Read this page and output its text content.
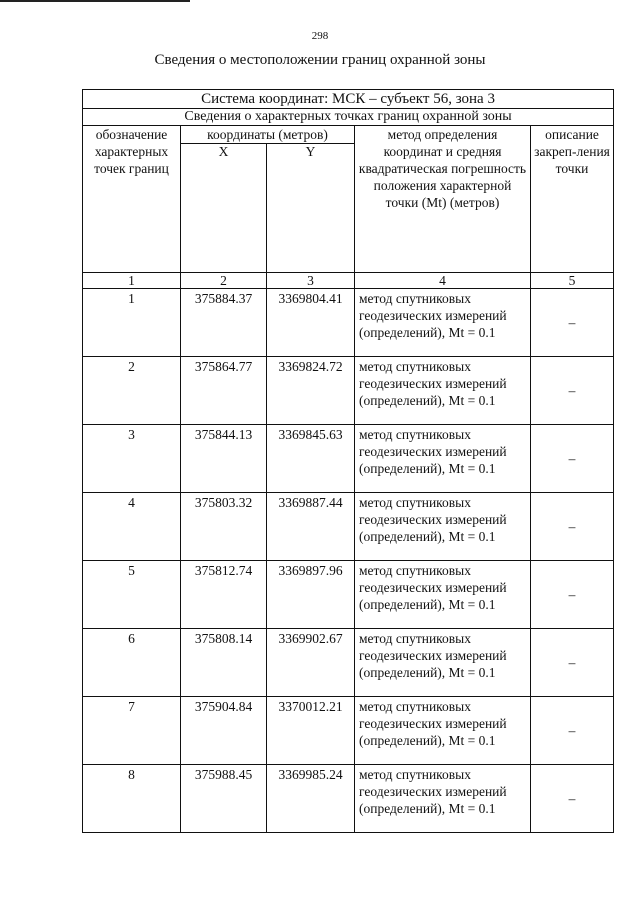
298
Сведения о местоположении границ охранной зоны
Система координат: МСК – субъект 56, зона 3				
Сведения о характерных точках границ охранной зоны				
обозначение характерных точек границ	координаты (метров)		метод определения координат и средняя квадратическая погрешность положения характерной точки (Mt) (метров)	описание закреп-ления точки
	X	Y		
1	2	3	4	5
1	375884.37	3369804.41	метод спутниковых геодезических измерений (определений), Mt = 0.1	–
2	375864.77	3369824.72	метод спутниковых геодезических измерений (определений), Mt = 0.1	–
3	375844.13	3369845.63	метод спутниковых геодезических измерений (определений), Mt = 0.1	–
4	375803.32	3369887.44	метод спутниковых геодезических измерений (определений), Mt = 0.1	–
5	375812.74	3369897.96	метод спутниковых геодезических измерений (определений), Mt = 0.1	–
6	375808.14	3369902.67	метод спутниковых геодезических измерений (определений), Mt = 0.1	–
7	375904.84	3370012.21	метод спутниковых геодезических измерений (определений), Mt = 0.1	–
8	375988.45	3369985.24	метод спутниковых геодезических измерений (определений), Mt = 0.1	–
